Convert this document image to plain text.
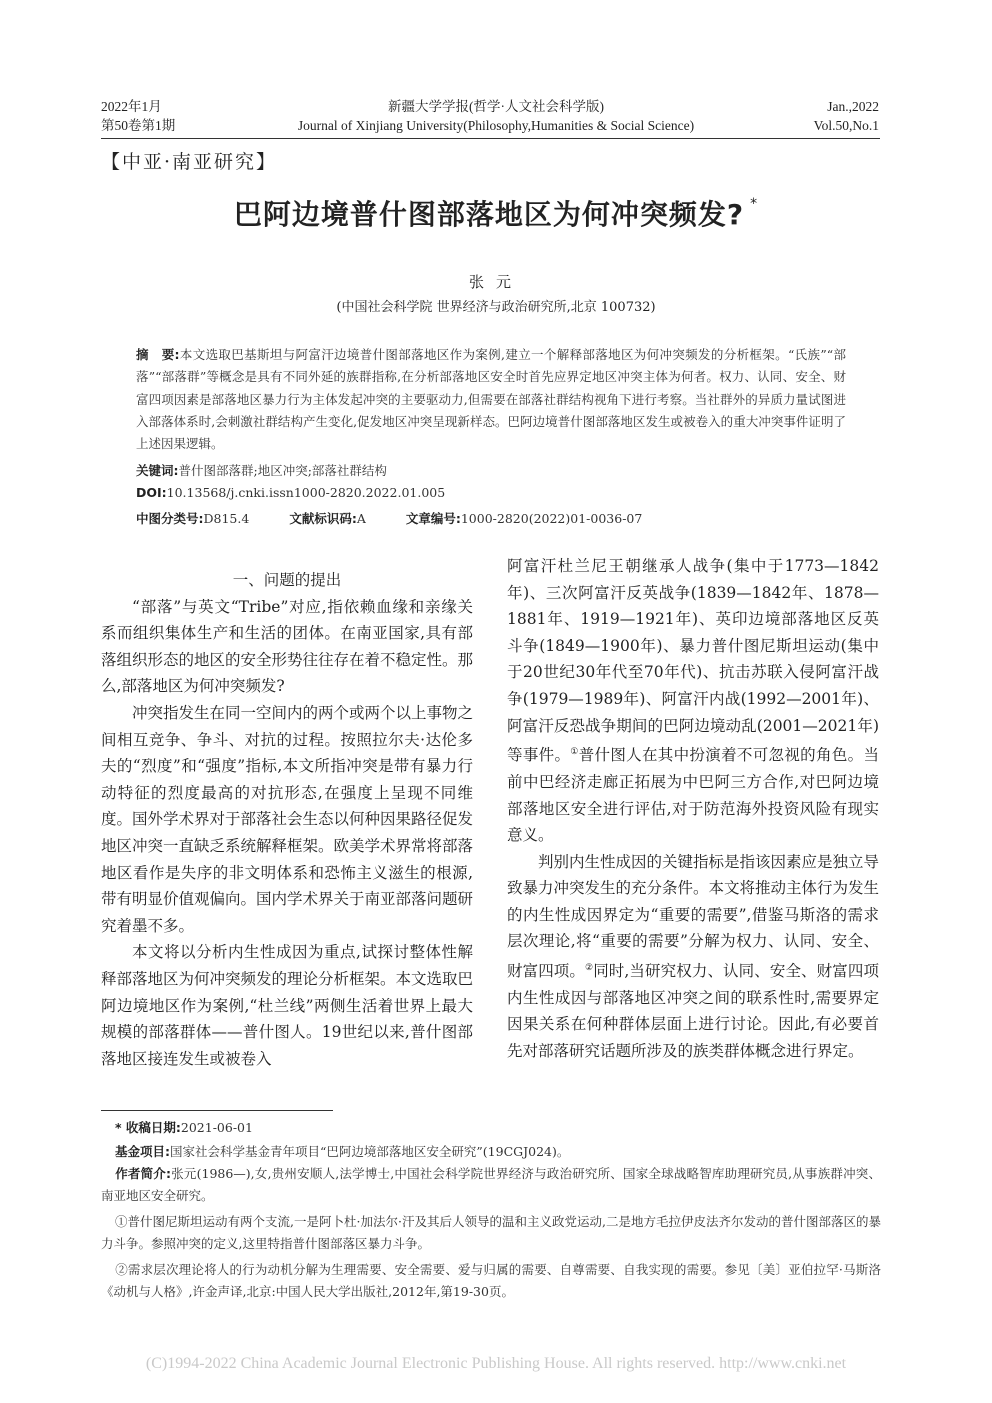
2022年1月
第50卷第1期
新疆大学学报(哲学·人文社会科学版)
Journal of Xinjiang University(Philosophy,Humanities & Social Science)
Jan.,2022
Vol.50,No.1
【中亚·南亚研究】
巴阿边境普什图部落地区为何冲突频发? *
张元
(中国社会科学院 世界经济与政治研究所,北京 100732)
摘　要:本文选取巴基斯坦与阿富汗边境普什图部落地区作为案例,建立一个解释部落地区为何冲突频发的分析框架。“氏族”“部落”“部落群”等概念是具有不同外延的族群指称,在分析部落地区安全时首先应界定地区冲突主体为何者。权力、认同、安全、财富四项因素是部落地区暴力行为主体发起冲突的主要驱动力,但需要在部落社群结构视角下进行考察。当社群外的异质力量试图进入部落体系时,会刺激社群结构产生变化,促发地区冲突呈现新样态。巴阿边境普什图部落地区发生或被卷入的重大冲突事件证明了上述因果逻辑。
关键词:普什图部落群;地区冲突;部落社群结构
DOI:10.13568/j.cnki.issn1000-2820.2022.01.005
中图分类号:D815.4	文献标识码:A	文章编号:1000-2820(2022)01-0036-07

一、问题的提出

“部落”与英文“Tribe”对应,指依赖血缘和亲缘关系而组织集体生产和生活的团体。在南亚国家,具有部落组织形态的地区的安全形势往往存在着不稳定性。那么,部落地区为何冲突频发?

冲突指发生在同一空间内的两个或两个以上事物之间相互竞争、争斗、对抗的过程。按照拉尔夫·达伦多夫的“烈度”和“强度”指标,本文所指冲突是带有暴力行动特征的烈度最高的对抗形态,在强度上呈现不同维度。国外学术界对于部落社会生态以何种因果路径促发地区冲突一直缺乏系统解释框架。欧美学术界常将部落地区看作是失序的非文明体系和恐怖主义滋生的根源,带有明显价值观偏向。国内学术界关于南亚部落问题研究着墨不多。

本文将以分析内生性成因为重点,试探讨整体性解释部落地区为何冲突频发的理论分析框架。本文选取巴阿边境地区作为案例,“杜兰线”两侧生活着世界上最大规模的部落群体——普什图人。19世纪以来,普什图部落地区接连发生或被卷入

阿富汗杜兰尼王朝继承人战争(集中于1773—1842年)、三次阿富汗反英战争(1839—1842年、1878—1881年、1919—1921年)、英印边境部落地区反英斗争(1849—1900年)、暴力普什图尼斯坦运动(集中于20世纪30年代至70年代)、抗击苏联入侵阿富汗战争(1979—1989年)、阿富汗内战(1992—2001年)、阿富汗反恐战争期间的巴阿边境动乱(2001—2021年)等事件。①普什图人在其中扮演着不可忽视的角色。当前中巴经济走廊正拓展为中巴阿三方合作,对巴阿边境部落地区安全进行评估,对于防范海外投资风险有现实意义。

判别内生性成因的关键指标是指该因素应是独立导致暴力冲突发生的充分条件。本文将推动主体行为发生的内生性成因界定为“重要的需要”,借鉴马斯洛的需求层次理论,将“重要的需要”分解为权力、认同、安全、财富四项。②同时,当研究权力、认同、安全、财富四项内生性成因与部落地区冲突之间的联系性时,需要界定因果关系在何种群体层面上进行讨论。因此,有必要首先对部落研究话题所涉及的族类群体概念进行界定。

* 收稿日期:2021-06-01
基金项目:国家社会科学基金青年项目“巴阿边境部落地区安全研究”(19CGJ024)。
作者简介:张元(1986—),女,贵州安顺人,法学博士,中国社会科学院世界经济与政治研究所、国家全球战略智库助理研究员,从事族群冲突、南亚地区安全研究。
①普什图尼斯坦运动有两个支流,一是阿卜杜·加法尔·汗及其后人领导的温和主义政党运动,二是地方毛拉伊皮法齐尔发动的普什图部落区的暴力斗争。参照冲突的定义,这里特指普什图部落区暴力斗争。
②需求层次理论将人的行为动机分解为生理需要、安全需要、爱与归属的需要、自尊需要、自我实现的需要。参见〔美〕亚伯拉罕·马斯洛《动机与人格》,许金声译,北京:中国人民大学出版社,2012年,第19-30页。
(C)1994-2022 China Academic Journal Electronic Publishing House. All rights reserved. http://www.cnki.net
